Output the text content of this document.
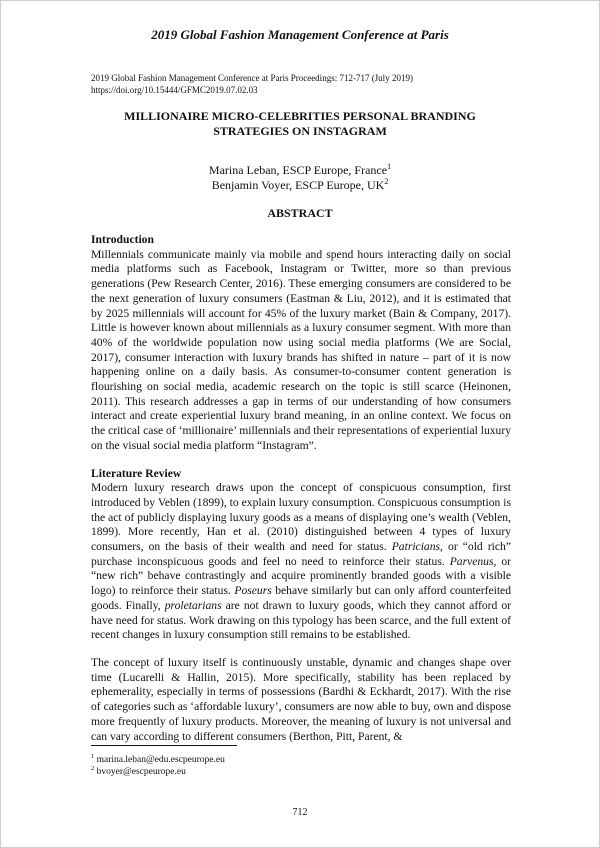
2019 Global Fashion Management Conference at Paris
2019 Global Fashion Management Conference at Paris Proceedings: 712-717 (July 2019)
https://doi.org/10.15444/GFMC2019.07.02.03
MILLIONAIRE MICRO-CELEBRITIES PERSONAL BRANDING
STRATEGIES ON INSTAGRAM
Marina Leban, ESCP Europe, France$^1$
Benjamin Voyer, ESCP Europe, $UK^2$
ABSTRACT

Introduction

Millennials communicate mainly via mobile and spend hours interacting daily on social media platforms such as Facebook, Instagram or Twitter, more so than previous generations (Pew Research Center, 2016). These emerging consumers are considered to be the next generation of luxury consumers (Eastman & Liu, 2012), and it is estimated that by 2025 millennials will account for 45% of the luxury market (Bain & Company, 2017). Little is however known about millennials as a luxury consumer segment. With more than 40% of the worldwide population now using social media platforms (We are Social, 2017), consumer interaction with luxury brands has shifted in nature – part of it is now happening online on a daily basis. As consumer-to-consumer content generation is flourishing on social media, academic research on the topic is still scarce (Heinonen, 2011). This research addresses a gap in terms of our understanding of how consumers interact and create experiential luxury brand meaning, in an online context. We focus on the critical case of ‘millionaire’ millennials and their representations of experiential luxury on the visual social media platform “Instagram”.

Literature Review

Modern luxury research draws upon the concept of conspicuous consumption, first introduced by Veblen (1899), to explain luxury consumption. Conspicuous consumption is the act of publicly displaying luxury goods as a means of displaying one’s wealth (Veblen, 1899). More recently, Han et al. (2010) distinguished between 4 types of luxury consumers, on the basis of their wealth and need for status. Patricians, or “old rich” purchase inconspicuous goods and feel no need to reinforce their status. Parvenus, or “new rich” behave contrastingly and acquire prominently branded goods with a visible logo) to reinforce their status. Poseurs behave similarly but can only afford counterfeited goods. Finally, proletarians are not drawn to luxury goods, which they cannot afford or have need for status. Work drawing on this typology has been scarce, and the full extent of recent changes in luxury consumption still remains to be established.

The concept of luxury itself is continuously unstable, dynamic and changes shape over time (Lucarelli & Hallin, 2015). More specifically, stability has been replaced by ephemerality, especially in terms of possessions (Bardhi & Eckhardt, 2017). With the rise of categories such as ‘affordable luxury’, consumers are now able to buy, own and dispose more frequently of luxury products. Moreover, the meaning of luxury is not universal and can vary according to different consumers (Berthon, Pitt, Parent, &

$^1$ marina.leban@edu.escpeurope.eu
$^2$ bvoyer@escpeurope.eu
712
